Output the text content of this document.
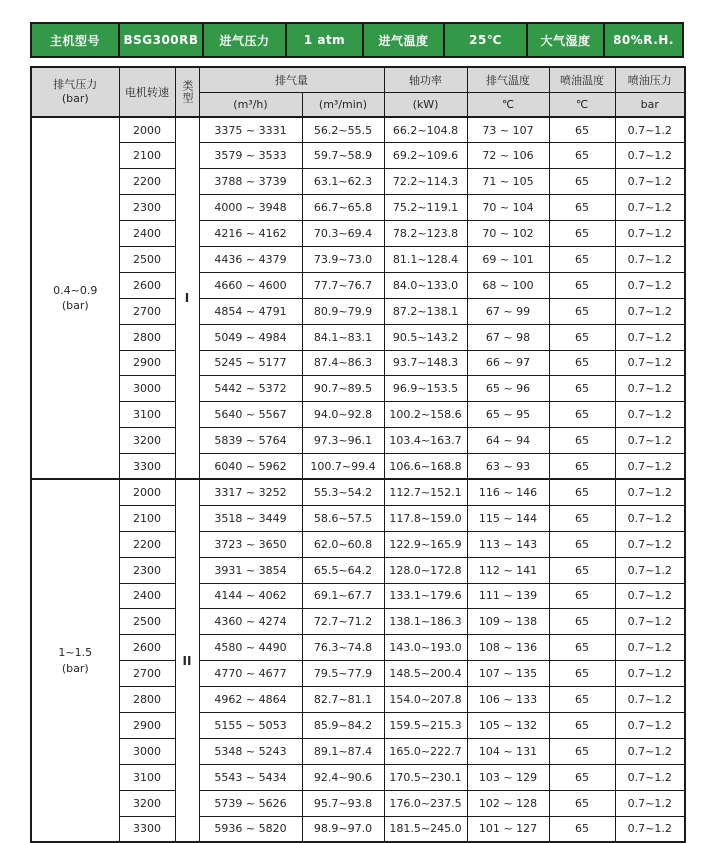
主机型号	BSG300RB	进气压力	1 atm	进气温度	25℃	大气湿度	80%R.H.
排气压力
(bar)	电机转速	类型	排气量		轴功率	排气温度	喷油温度	喷油压力
			(m³/h)	(m³/min)	(kW)	℃	℃	bar

0.4~0.9
(bar)	2000	I	3375 ~ 3331	56.2~55.5	66.2~104.8	73 ~ 107	65	0.7~1.2
	2100		3579 ~ 3533	59.7~58.9	69.2~109.6	72 ~ 106	65	0.7~1.2
	2200		3788 ~ 3739	63.1~62.3	72.2~114.3	71 ~ 105	65	0.7~1.2
	2300		4000 ~ 3948	66.7~65.8	75.2~119.1	70 ~ 104	65	0.7~1.2
	2400		4216 ~ 4162	70.3~69.4	78.2~123.8	70 ~ 102	65	0.7~1.2
	2500		4436 ~ 4379	73.9~73.0	81.1~128.4	69 ~ 101	65	0.7~1.2
	2600		4660 ~ 4600	77.7~76.7	84.0~133.0	68 ~ 100	65	0.7~1.2
	2700		4854 ~ 4791	80.9~79.9	87.2~138.1	67 ~ 99	65	0.7~1.2
	2800		5049 ~ 4984	84.1~83.1	90.5~143.2	67 ~ 98	65	0.7~1.2
	2900		5245 ~ 5177	87.4~86.3	93.7~148.3	66 ~ 97	65	0.7~1.2
	3000		5442 ~ 5372	90.7~89.5	96.9~153.5	65 ~ 96	65	0.7~1.2
	3100		5640 ~ 5567	94.0~92.8	100.2~158.6	65 ~ 95	65	0.7~1.2
	3200		5839 ~ 5764	97.3~96.1	103.4~163.7	64 ~ 94	65	0.7~1.2
	3300		6040 ~ 5962	100.7~99.4	106.6~168.8	63 ~ 93	65	0.7~1.2

1~1.5
(bar)	2000	II	3317 ~ 3252	55.3~54.2	112.7~152.1	116 ~ 146	65	0.7~1.2
	2100		3518 ~ 3449	58.6~57.5	117.8~159.0	115 ~ 144	65	0.7~1.2
	2200		3723 ~ 3650	62.0~60.8	122.9~165.9	113 ~ 143	65	0.7~1.2
	2300		3931 ~ 3854	65.5~64.2	128.0~172.8	112 ~ 141	65	0.7~1.2
	2400		4144 ~ 4062	69.1~67.7	133.1~179.6	111 ~ 139	65	0.7~1.2
	2500		4360 ~ 4274	72.7~71.2	138.1~186.3	109 ~ 138	65	0.7~1.2
	2600		4580 ~ 4490	76.3~74.8	143.0~193.0	108 ~ 136	65	0.7~1.2
	2700		4770 ~ 4677	79.5~77.9	148.5~200.4	107 ~ 135	65	0.7~1.2
	2800		4962 ~ 4864	82.7~81.1	154.0~207.8	106 ~ 133	65	0.7~1.2
	2900		5155 ~ 5053	85.9~84.2	159.5~215.3	105 ~ 132	65	0.7~1.2
	3000		5348 ~ 5243	89.1~87.4	165.0~222.7	104 ~ 131	65	0.7~1.2
	3100		5543 ~ 5434	92.4~90.6	170.5~230.1	103 ~ 129	65	0.7~1.2
	3200		5739 ~ 5626	95.7~93.8	176.0~237.5	102 ~ 128	65	0.7~1.2
	3300		5936 ~ 5820	98.9~97.0	181.5~245.0	101 ~ 127	65	0.7~1.2
